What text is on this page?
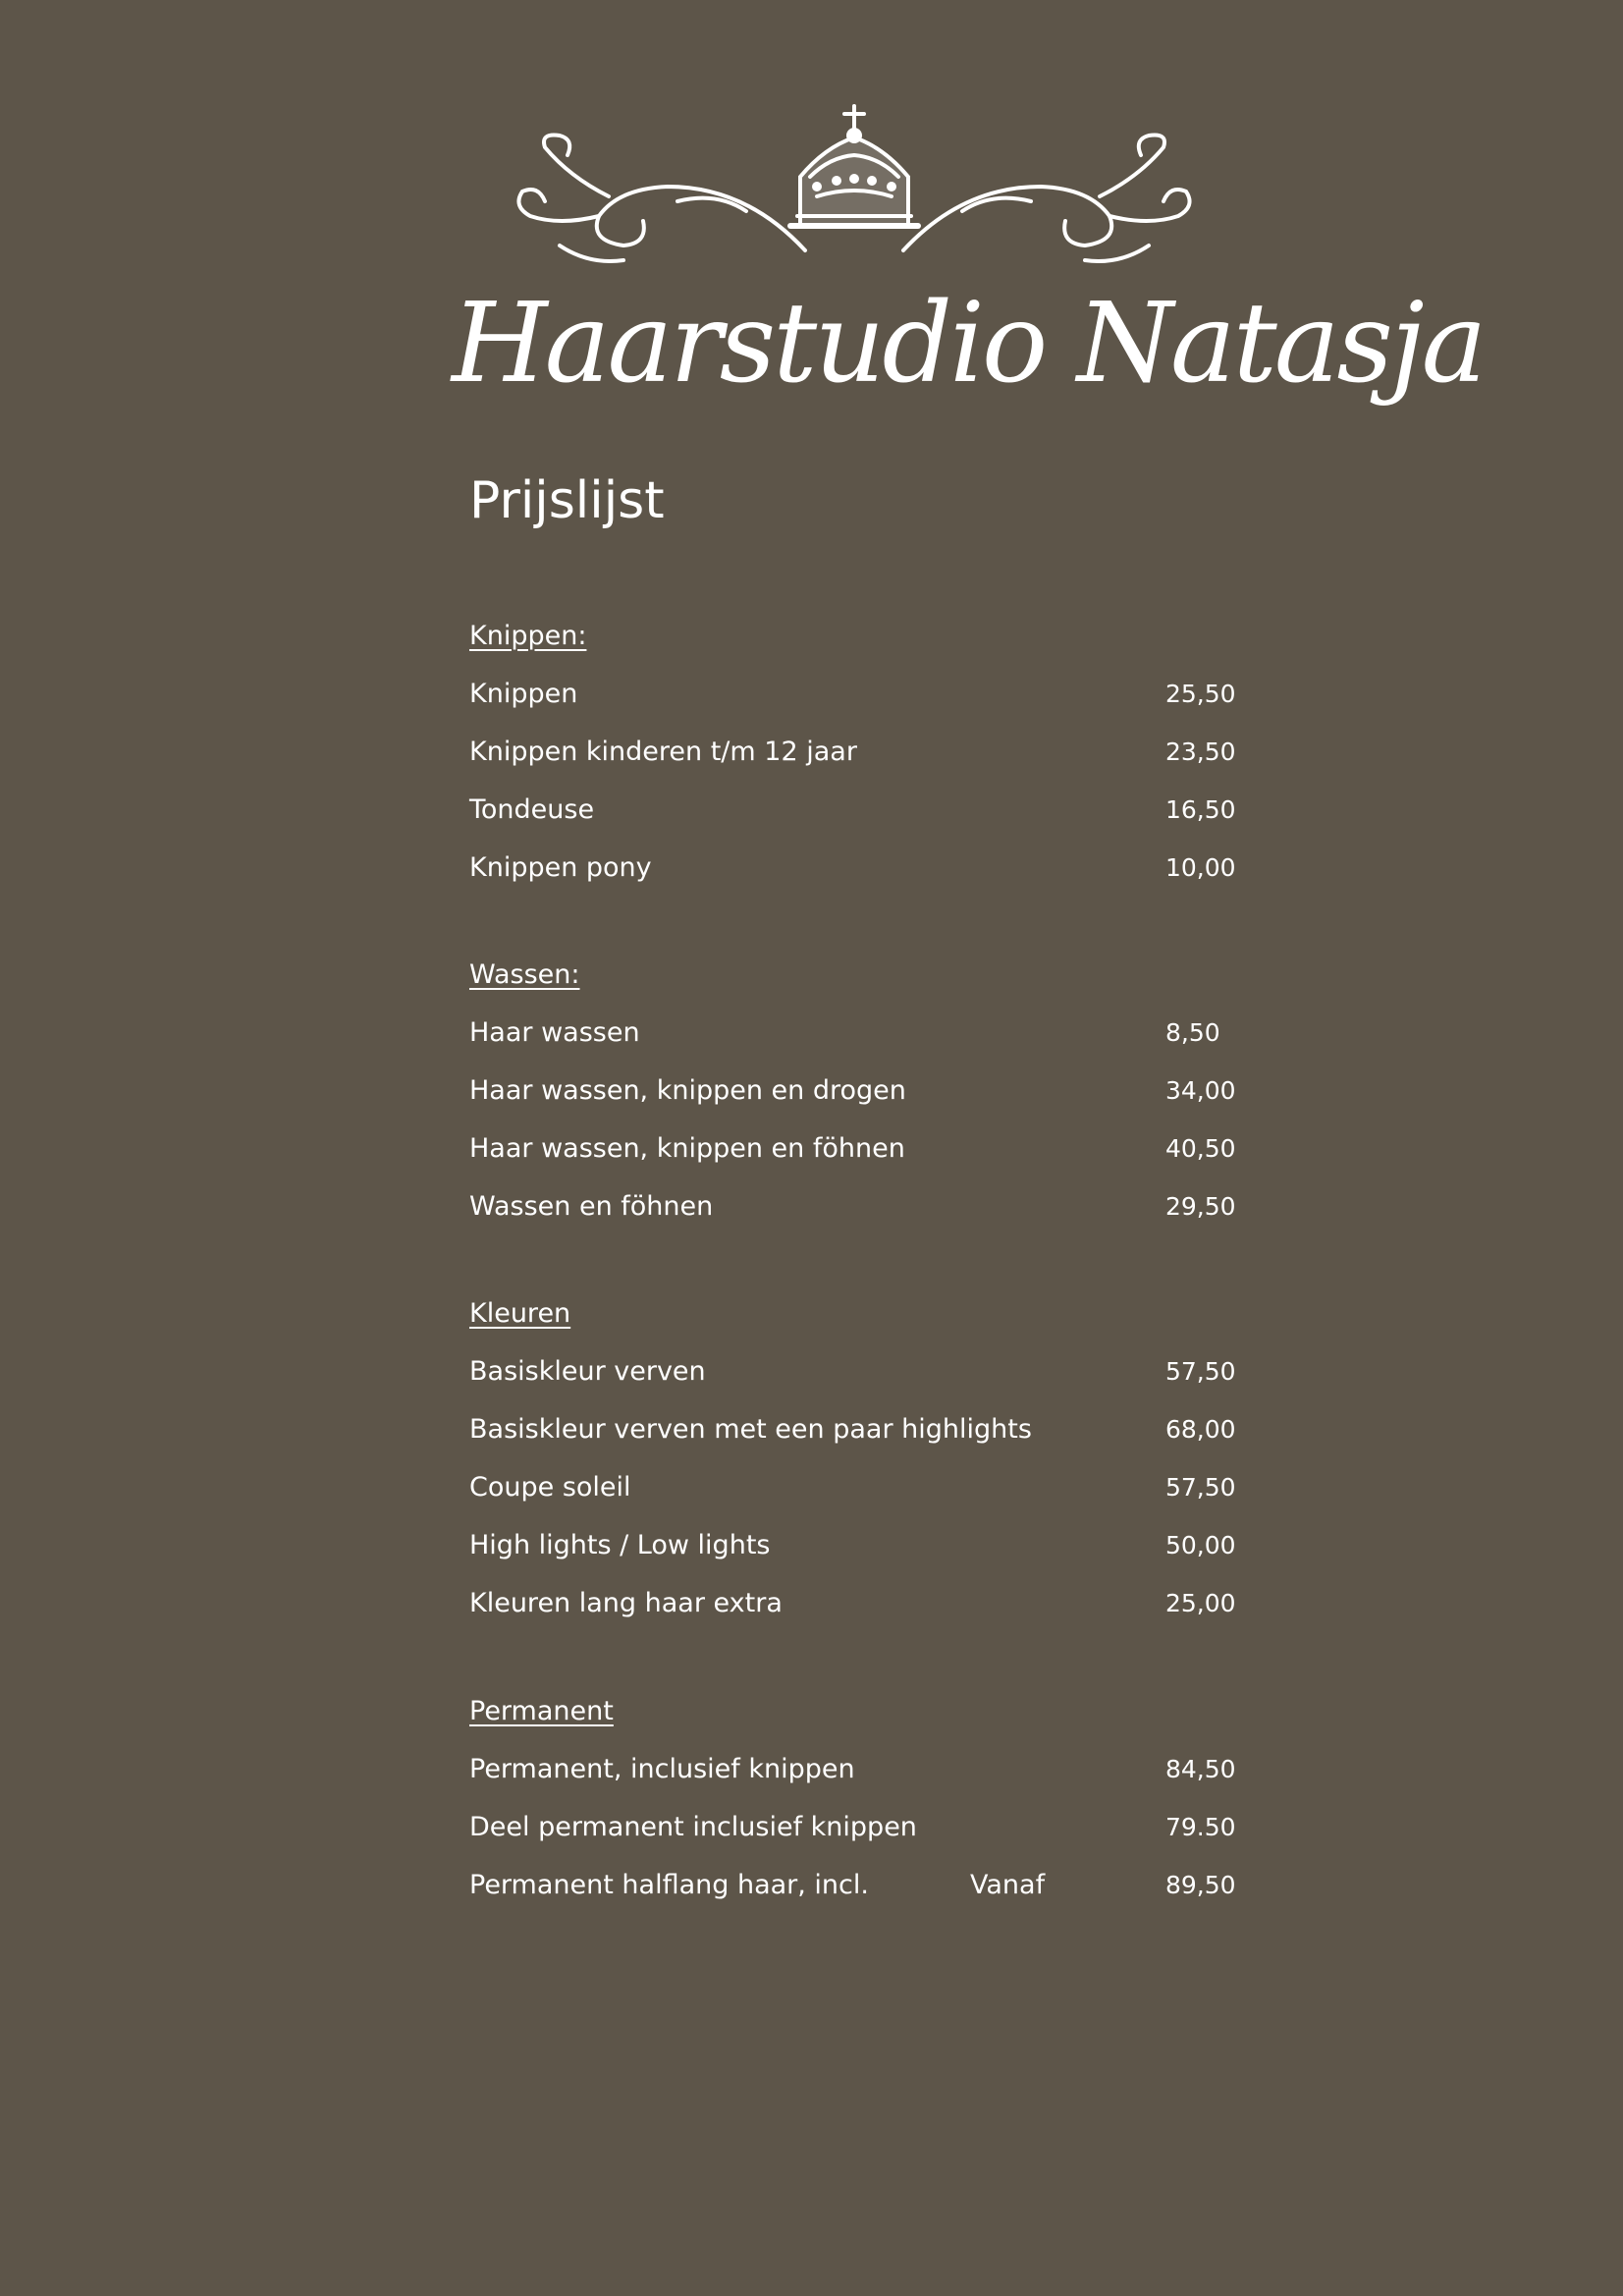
Haarstudio Natasja
Prijslijst
Knippen:
Knippen	25,50
Knippen kinderen t/m 12 jaar	23,50
Tondeuse	16,50
Knippen pony	10,00
Wassen:
Haar wassen	8,50
Haar wassen, knippen en drogen	34,00
Haar wassen, knippen en föhnen	40,50
Wassen en föhnen	29,50
Kleuren
Basiskleur verven	57,50
Basiskleur verven met een paar highlights	68,00
Coupe soleil	57,50
High lights / Low lights	50,00
Kleuren lang haar extra	25,00
Permanent
Permanent, inclusief knippen	84,50
Deel permanent inclusief knippen	79.50
Permanent halflang haar, incl.	Vanaf	89,50
